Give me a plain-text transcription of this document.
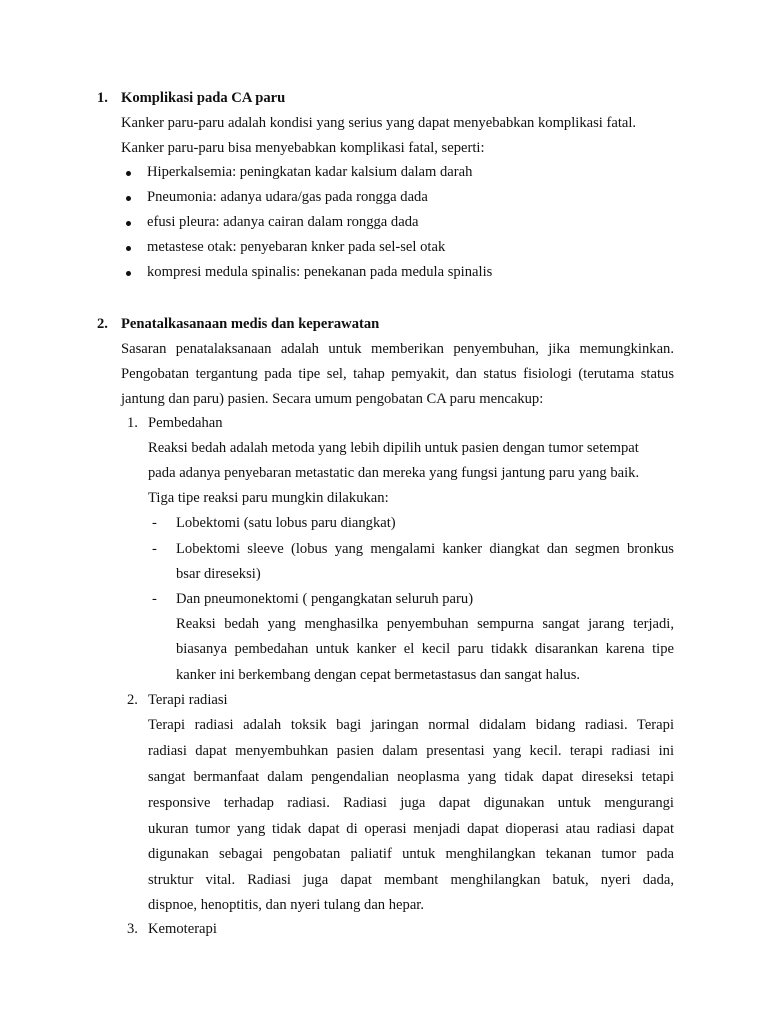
1. Komplikasi pada CA paru
Kanker paru-paru adalah kondisi yang serius yang dapat menyebabkan komplikasi fatal.
Kanker paru-paru bisa menyebabkan komplikasi fatal, seperti:
Hiperkalsemia: peningkatan kadar kalsium dalam darah
Pneumonia: adanya udara/gas pada rongga dada
efusi pleura: adanya cairan dalam rongga dada
metastese otak: penyebaran knker pada sel-sel otak
kompresi medula spinalis: penekanan pada medula spinalis
2. Penatalkasanaan medis dan keperawatan
Sasaran penatalaksanaan adalah untuk memberikan penyembuhan, jika memungkinkan.
Pengobatan tergantung pada tipe sel, tahap pemyakit, dan status fisiologi (terutama status
jantung dan paru) pasien. Secara umum pengobatan CA paru mencakup:
1. Pembedahan
Reaksi bedah adalah metoda yang lebih dipilih untuk pasien dengan tumor setempat
pada adanya penyebaran metastatic dan mereka yang fungsi jantung paru yang baik.
Tiga tipe reaksi paru mungkin dilakukan:
- Lobektomi (satu lobus paru diangkat)
- Lobektomi sleeve (lobus yang mengalami kanker diangkat dan segmen bronkus
bsar direseksi)
- Dan pneumonektomi ( pengangkatan seluruh paru)
Reaksi bedah yang menghasilka penyembuhan sempurna sangat jarang terjadi,
biasanya pembedahan untuk kanker el kecil paru tidakk disarankan karena tipe
kanker ini berkembang dengan cepat bermetastasus dan sangat halus.
2. Terapi radiasi
Terapi radiasi adalah toksik bagi jaringan normal didalam bidang radiasi. Terapi
radiasi dapat menyembuhkan pasien dalam presentasi yang kecil. terapi radiasi ini
sangat bermanfaat dalam pengendalian neoplasma yang tidak dapat direseksi tetapi
responsive terhadap radiasi. Radiasi juga dapat digunakan untuk mengurangi
ukuran tumor yang tidak dapat di operasi menjadi dapat dioperasi atau radiasi dapat
digunakan sebagai pengobatan paliatif untuk menghilangkan tekanan tumor pada
struktur vital. Radiasi juga dapat membant menghilangkan batuk, nyeri dada,
dispnoe, henoptitis, dan nyeri tulang dan hepar.
3. Kemoterapi
